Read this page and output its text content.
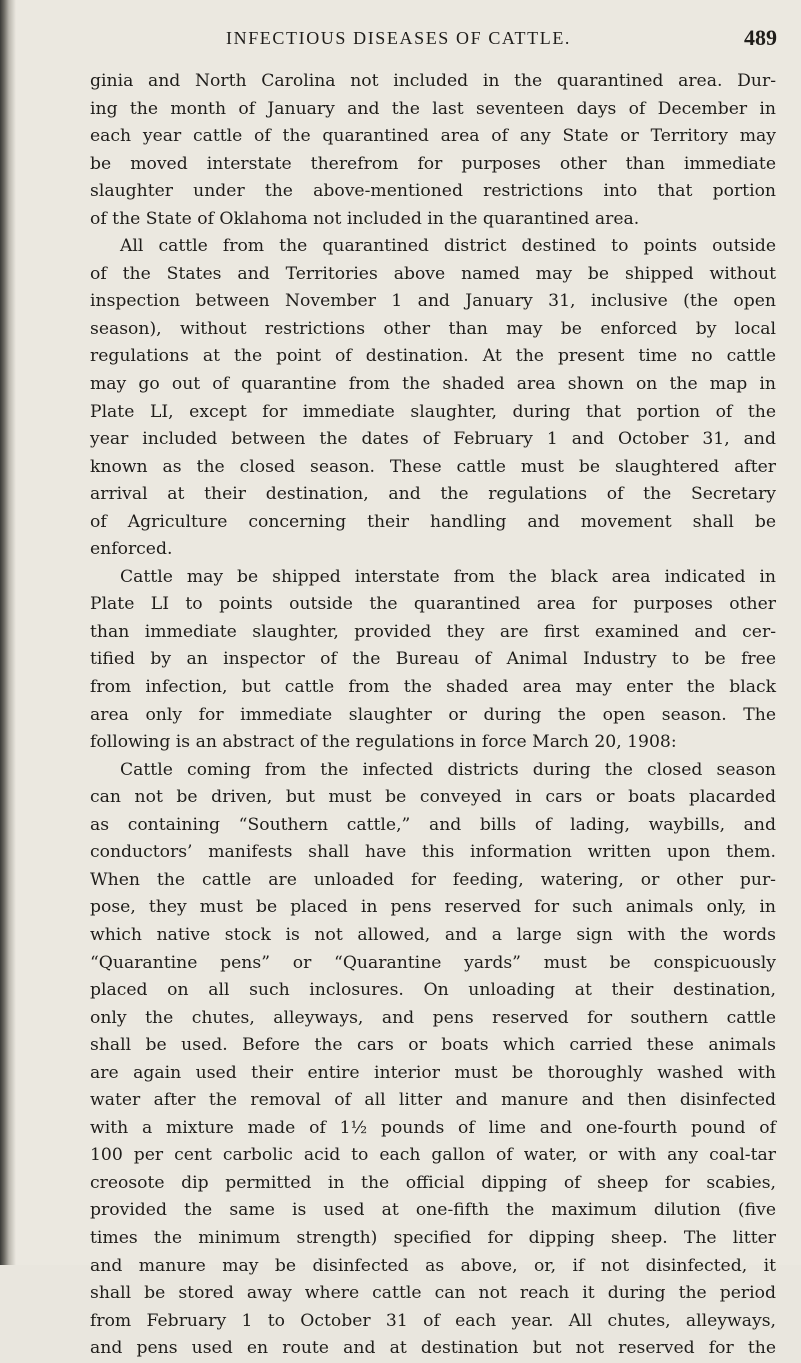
INFECTIOUS DISEASES OF CATTLE.	489
ginia and North Carolina not included in the quarantined area. Dur-
ing the month of January and the last seventeen days of December in
each year cattle of the quarantined area of any State or Territory may
be moved interstate therefrom for purposes other than immediate
slaughter under the above-mentioned restrictions into that portion
of the State of Oklahoma not included in the quarantined area.
All cattle from the quarantined district destined to points outside
of the States and Territories above named may be shipped without
inspection between November 1 and January 31, inclusive (the open
season), without restrictions other than may be enforced by local
regulations at the point of destination. At the present time no cattle
may go out of quarantine from the shaded area shown on the map in
Plate LI, except for immediate slaughter, during that portion of the
year included between the dates of February 1 and October 31, and
known as the closed season. These cattle must be slaughtered after
arrival at their destination, and the regulations of the Secretary
of Agriculture concerning their handling and movement shall be
enforced.
Cattle may be shipped interstate from the black area indicated in
Plate LI to points outside the quarantined area for purposes other
than immediate slaughter, provided they are first examined and cer-
tified by an inspector of the Bureau of Animal Industry to be free
from infection, but cattle from the shaded area may enter the black
area only for immediate slaughter or during the open season. The
following is an abstract of the regulations in force March 20, 1908:
Cattle coming from the infected districts during the closed season
can not be driven, but must be conveyed in cars or boats placarded
as containing “Southern cattle,” and bills of lading, waybills, and
conductors’ manifests shall have this information written upon them.
When the cattle are unloaded for feeding, watering, or other pur-
pose, they must be placed in pens reserved for such animals only, in
which native stock is not allowed, and a large sign with the words
“Quarantine pens” or “Quarantine yards” must be conspicuously
placed on all such inclosures. On unloading at their destination,
only the chutes, alleyways, and pens reserved for southern cattle
shall be used. Before the cars or boats which carried these animals
are again used their entire interior must be thoroughly washed with
water after the removal of all litter and manure and then disinfected
with a mixture made of 1½ pounds of lime and one-fourth pound of
100 per cent carbolic acid to each gallon of water, or with any coal-tar
creosote dip permitted in the official dipping of sheep for scabies,
provided the same is used at one-fifth the maximum dilution (five
times the minimum strength) specified for dipping sheep. The litter
and manure may be disinfected as above, or, if not disinfected, it
shall be stored away where cattle can not reach it during the period
from February 1 to October 31 of each year. All chutes, alleyways,
and pens used en route and at destination but not reserved for the
